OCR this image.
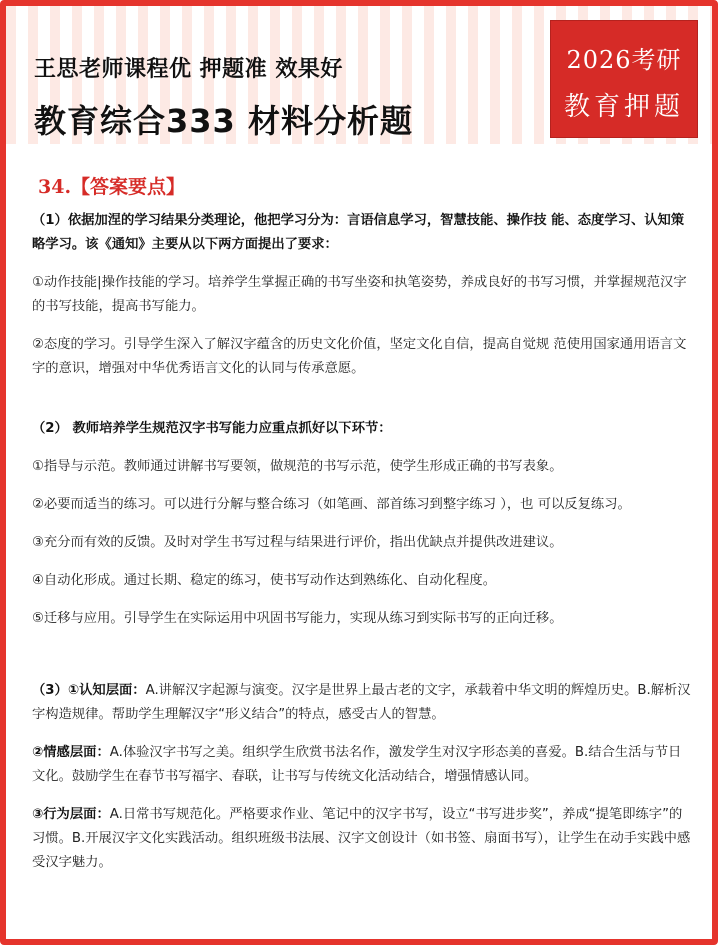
王思老师课程优 押题准 效果好
教育综合333 材料分析题
2026考研
教育押题
34.【答案要点】

（1）依据加涅的学习结果分类理论，他把学习分为：言语信息学习，智慧技能、操作技 能、态度学习、认知策略学习。该《通知》主要从以下两方面提出了要求：

①动作技能|操作技能的学习。培养学生掌握正确的书写坐姿和执笔姿势，养成良好的书写习惯，并掌握规范汉字的书写技能，提高书写能力。

②态度的学习。引导学生深入了解汉字蕴含的历史文化价值，坚定文化自信，提高自觉规 范使用国家通用语言文字的意识，增强对中华优秀语言文化的认同与传承意愿。

（2） 教师培养学生规范汉字书写能力应重点抓好以下环节：

①指导与示范。教师通过讲解书写要领，做规范的书写示范，使学生形成正确的书写表象。

②必要而适当的练习。可以进行分解与整合练习（如笔画、部首练习到整字练习 ），也 可以反复练习。

③充分而有效的反馈。及时对学生书写过程与结果进行评价，指出优缺点并提供改进建议。

④自动化形成。通过长期、稳定的练习，使书写动作达到熟练化、自动化程度。

⑤迁移与应用。引导学生在实际运用中巩固书写能力，实现从练习到实际书写的正向迁移。

（3）①认知层面：A.讲解汉字起源与演变。汉字是世界上最古老的文字，承载着中华文明的辉煌历史。B.解析汉字构造规律。帮助学生理解汉字“形义结合”的特点，感受古人的智慧。

②情感层面：A.体验汉字书写之美。组织学生欣赏书法名作，激发学生对汉字形态美的喜爱。B.结合生活与节日文化。鼓励学生在春节书写福字、春联，让书写与传统文化活动结合，增强情感认同。

③行为层面：A.日常书写规范化。严格要求作业、笔记中的汉字书写，设立“书写进步奖”，养成“提笔即练字”的习惯。B.开展汉字文化实践活动。组织班级书法展、汉字文创设计（如书签、扇面书写），让学生在动手实践中感受汉字魅力。
